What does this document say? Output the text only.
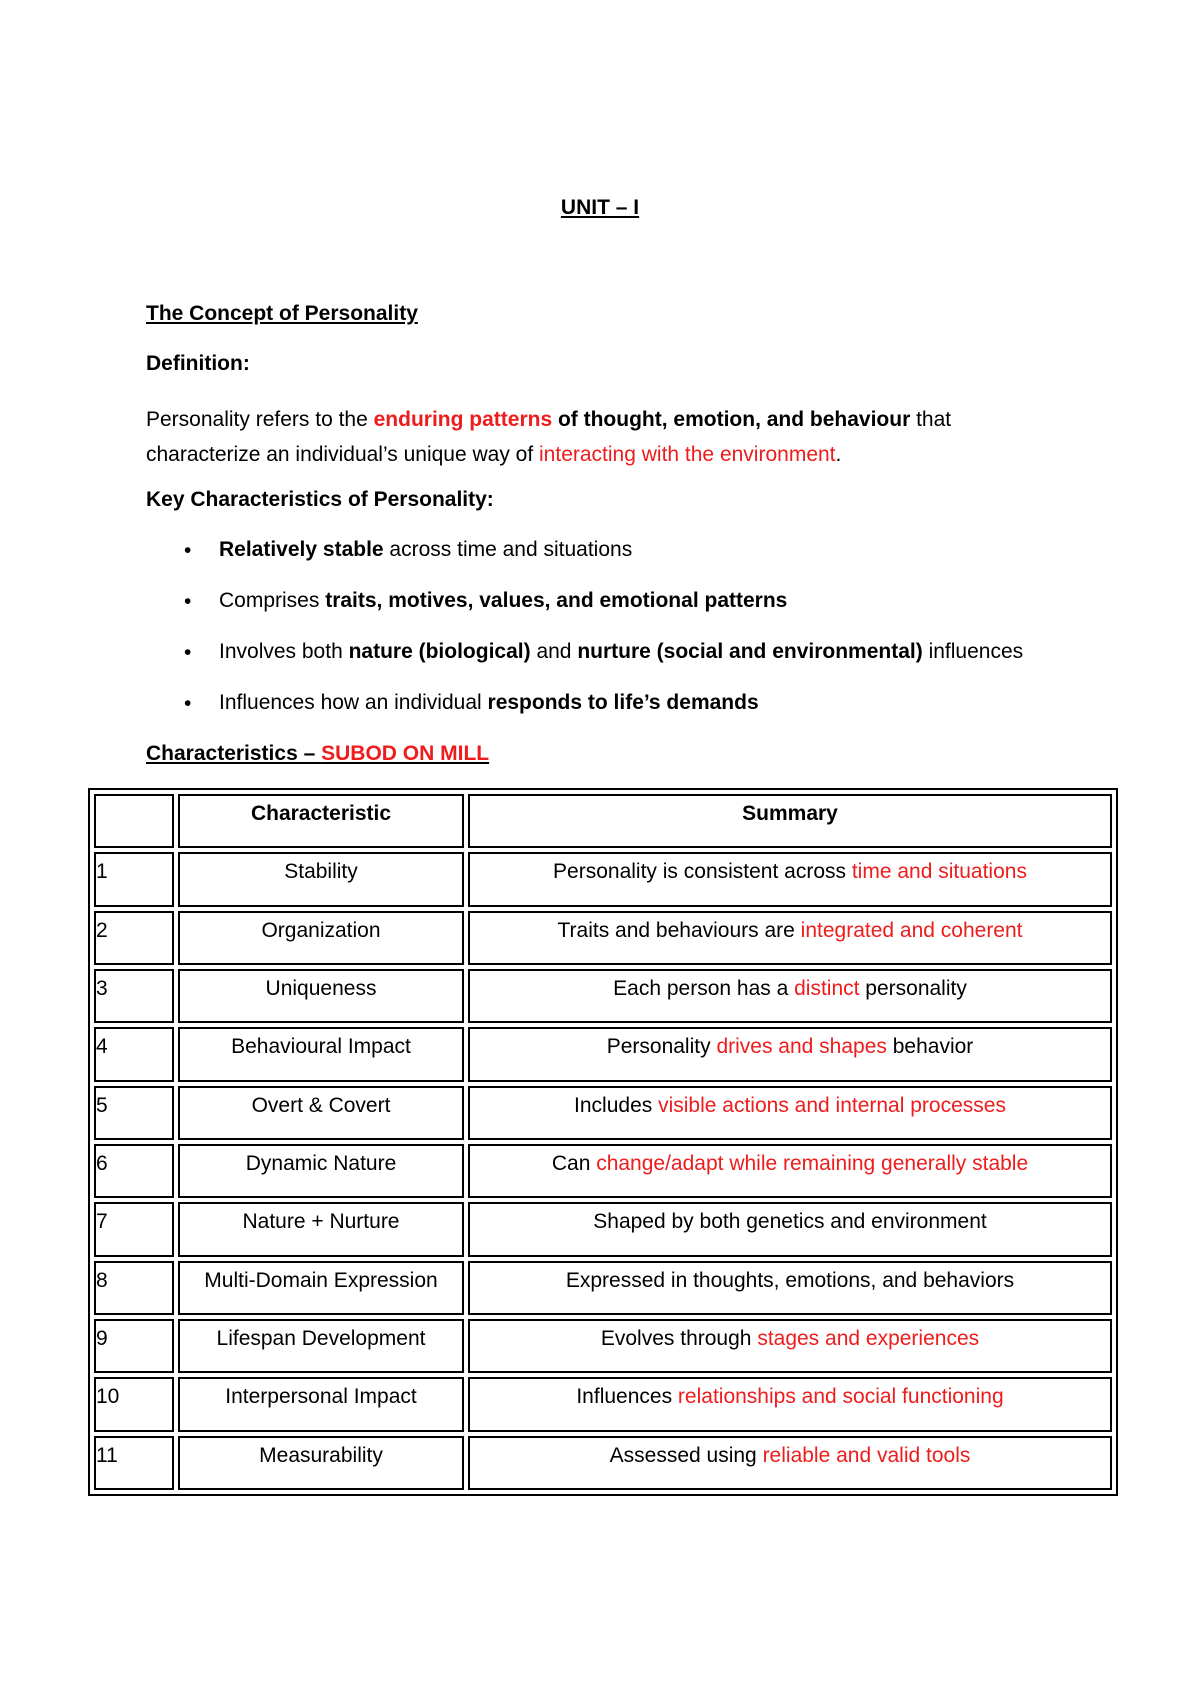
UNIT – I
The Concept of Personality
Definition:
Personality refers to the enduring patterns of thought, emotion, and behaviour that characterize an individual’s unique way of interacting with the environment.
Key Characteristics of Personality:
• Relatively stable across time and situations
• Comprises traits, motives, values, and emotional patterns
• Involves both nature (biological) and nurture (social and environmental) influences
• Influences how an individual responds to life’s demands
Characteristics – SUBOD ON MILL
	Characteristic	Summary
1	Stability	Personality is consistent across time and situations
2	Organization	Traits and behaviours are integrated and coherent
3	Uniqueness	Each person has a distinct personality
4	Behavioural Impact	Personality drives and shapes behavior
5	Overt & Covert	Includes visible actions and internal processes
6	Dynamic Nature	Can change/adapt while remaining generally stable
7	Nature + Nurture	Shaped by both genetics and environment
8	Multi-Domain Expression	Expressed in thoughts, emotions, and behaviors
9	Lifespan Development	Evolves through stages and experiences
10	Interpersonal Impact	Influences relationships and social functioning
11	Measurability	Assessed using reliable and valid tools
